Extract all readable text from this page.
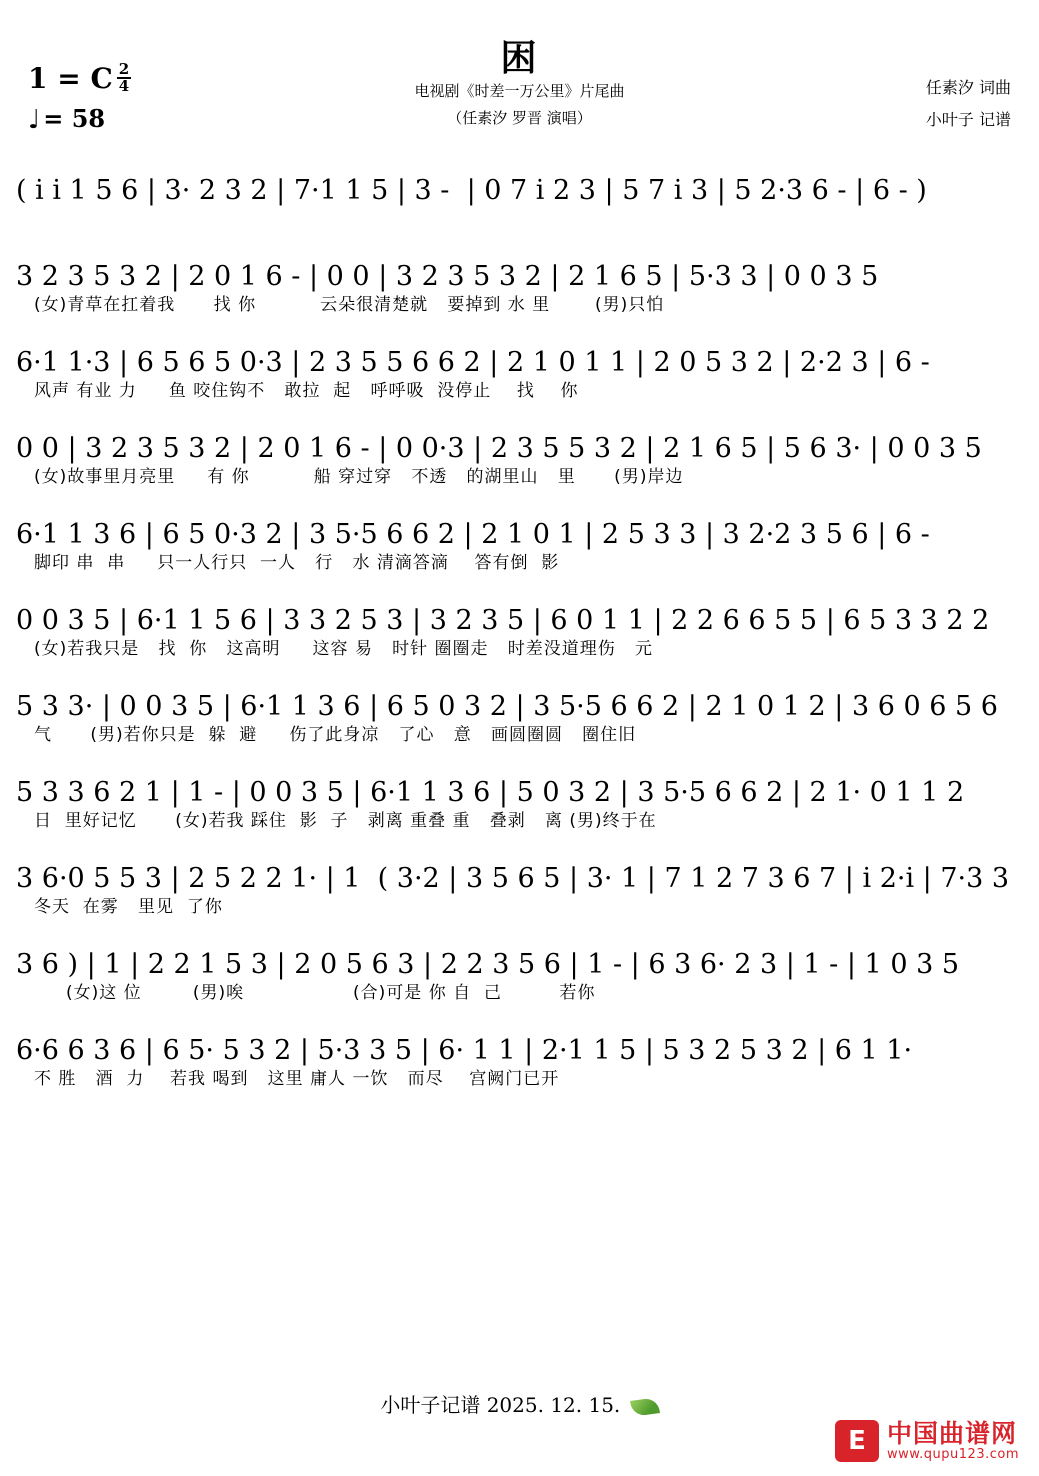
1 = C $\frac{2}{4}$
♩ = 58
困
电视剧《时差一万公里》片尾曲
（任素汐 罗晋 演唱）
任素汐 词曲
小叶子 记谱
( i i 1 5 6 | 3· 2 3 2 | 7·1 1 5 | 3 -  | 0 7 i 2 3 | 5 7 i 3 | 5 2·3 6 - | 6 - )
3 2 3 5 3 2 | 2 0 1 6 - | 0 0 | 3 2 3 5 3 2 | 2 1 6 5 | 5·3 3 | 0 0 3 5
(女)青草在扛着我      找 你          云朵很清楚就   要掉到 水 里       (男)只怕
6·1 1·3 | 6 5 6 5 0·3 | 2 3 5 5 6 6 2 | 2 1 0 1 1 | 2 0 5 3 2 | 2·2 3 | 6 -
风声 有业 力     鱼 咬住钩不   敢拉  起   呼呼吸  没停止    找    你
0 0 | 3 2 3 5 3 2 | 2 0 1 6 - | 0 0·3 | 2 3 5 5 3 2 | 2 1 6 5 | 5 6 3· | 0 0 3 5
(女)故事里月亮里     有 你          船 穿过穿   不透   的湖里山   里      (男)岸边
6·1 1 3 6 | 6 5 0·3 2 | 3 5·5 6 6 2 | 2 1 0 1 | 2 5 3 3 | 3 2·2 3 5 6 | 6 -
脚印 串  串     只一人行只  一人   行   水 清滴答滴    答有倒  影
0 0 3 5 | 6·1 1 5 6 | 3 3 2 5 3 | 3 2 3 5 | 6 0 1 1 | 2 2 6 6 5 5 | 6 5 3 3 2 2
(女)若我只是   找  你   这高明     这容 易   时针 圈圈走   时差没道理伤   元
5 3 3· | 0 0 3 5 | 6·1 1 3 6 | 6 5 0 3 2 | 3 5·5 6 6 2 | 2 1 0 1 2 | 3 6 0 6 5 6
气      (男)若你只是  躲  避     伤了此身凉   了心   意   画圆圈圆   圈住旧
5 3 3 6 2 1 | 1 - | 0 0 3 5 | 6·1 1 3 6 | 5 0 3 2 | 3 5·5 6 6 2 | 2 1· 0 1 1 2
日  里好记忆      (女)若我 踩住  影  子   剥离 重叠 重   叠剥   离 (男)终于在
3 6·0 5 5 3 | 2 5 2 2 1· | 1  ( 3·2 | 3 5 6 5 | 3· 1 | 7 1 2 7 3 6 7 | i 2·i | 7·3 3
冬天  在雾   里见  了你
3 6 ) | 1 | 2 2 1 5 3 | 2 0 5 6 3 | 2 2 3 5 6 | 1 - | 6 3 6· 2 3 | 1 - | 1 0 3 5
(女)这 位        (男)唉                 (合)可是 你 自  己         若你
6·6 6 3 6 | 6 5· 5 3 2 | 5·3 3 5 | 6· 1 1 | 2·1 1 5 | 5 3 2 5 3 2 | 6 1 1·
不 胜   酒  力    若我 喝到   这里 庸人 一饮   而尽    宫阙门已开
小叶子记谱 2025. 12. 15.
E 中国曲谱网
www.qupu123.com
